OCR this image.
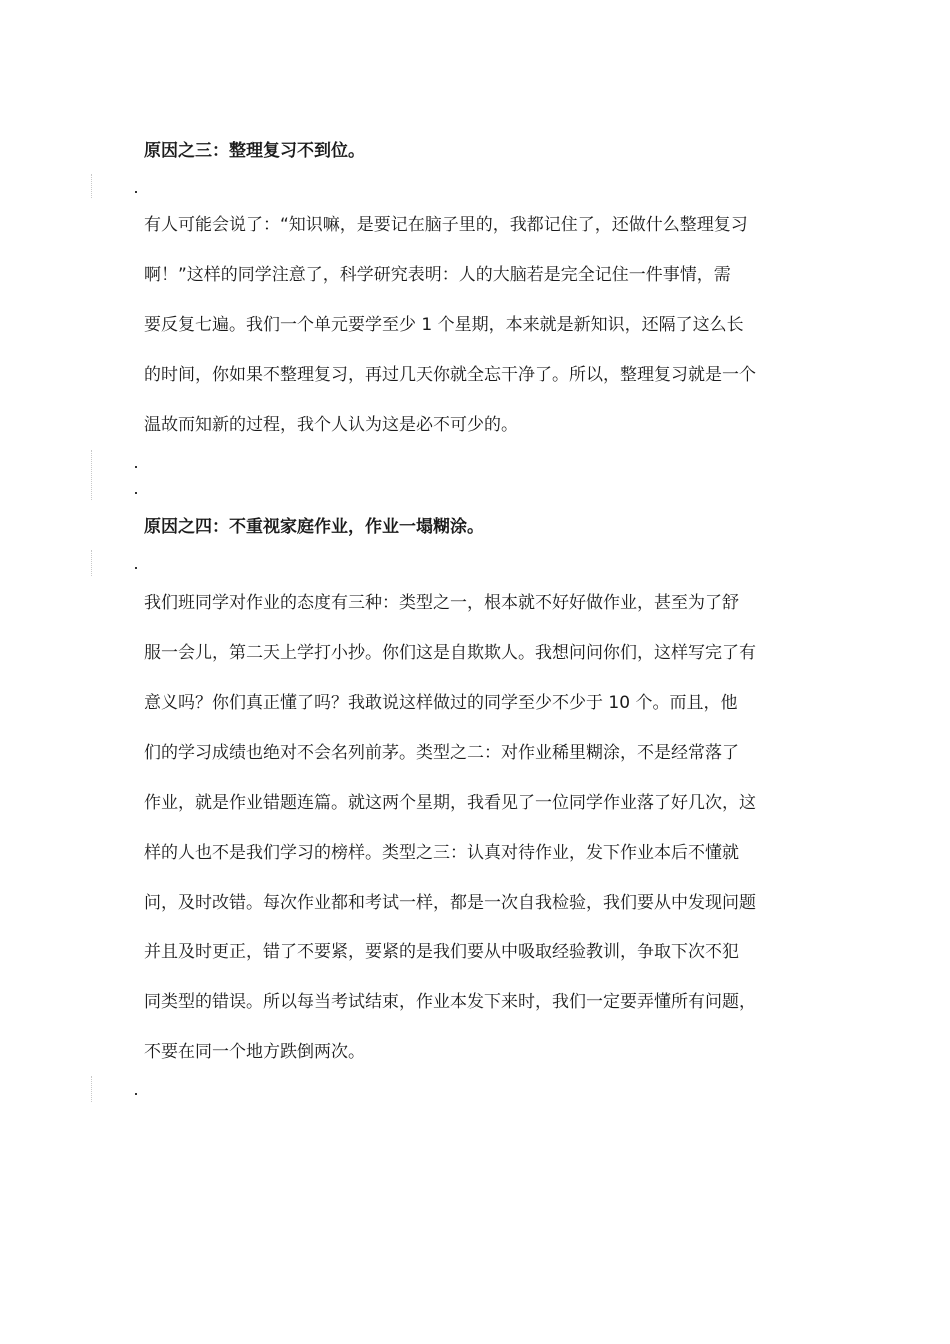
原因之三：整理复习不到位。
有人可能会说了：“知识嘛，是要记在脑子里的，我都记住了，还做什么整理复习
啊！”这样的同学注意了，科学研究表明：人的大脑若是完全记住一件事情，需
要反复七遍。我们一个单元要学至少 1 个星期，本来就是新知识，还隔了这么长
的时间，你如果不整理复习，再过几天你就全忘干净了。所以，整理复习就是一个
温故而知新的过程，我个人认为这是必不可少的。
原因之四：不重视家庭作业，作业一塌糊涂。
我们班同学对作业的态度有三种：类型之一，根本就不好好做作业，甚至为了舒
服一会儿，第二天上学打小抄。你们这是自欺欺人。我想问问你们，这样写完了有
意义吗？你们真正懂了吗？我敢说这样做过的同学至少不少于 10 个。而且，他
们的学习成绩也绝对不会名列前茅。类型之二：对作业稀里糊涂，不是经常落了
作业，就是作业错题连篇。就这两个星期，我看见了一位同学作业落了好几次，这
样的人也不是我们学习的榜样。类型之三：认真对待作业，发下作业本后不懂就
问，及时改错。每次作业都和考试一样，都是一次自我检验，我们要从中发现问题
并且及时更正，错了不要紧，要紧的是我们要从中吸取经验教训，争取下次不犯
同类型的错误。所以每当考试结束，作业本发下来时，我们一定要弄懂所有问题，
不要在同一个地方跌倒两次。
